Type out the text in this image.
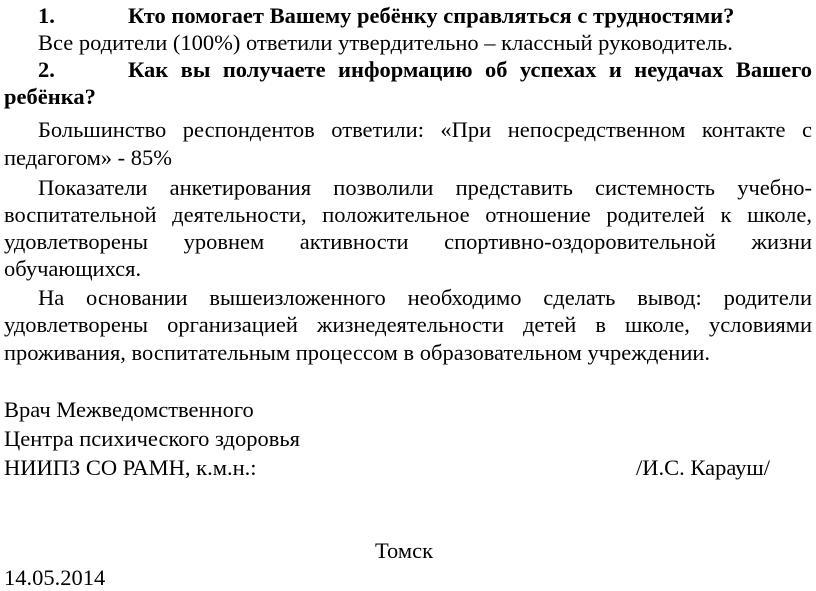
1.	Кто помогает Вашему ребёнку справляться с трудностями?
Все родители (100%) ответили утвердительно – классный руководитель.
2.	Как вы получаете информацию об успехах и неудачах Вашего
ребёнка?
Большинство респондентов ответили: «При непосредственном контакте с
педагогом» - 85%
Показатели анкетирования позволили представить системность учебно-
воспитательной деятельности, положительное отношение родителей к школе,
удовлетворены уровнем активности спортивно-оздоровительной жизни
обучающихся.
На основании вышеизложенного необходимо сделать вывод: родители
удовлетворены организацией жизнедеятельности детей в школе, условиями
проживания, воспитательным процессом в образовательном учреждении.
Врач Межведомственного
Центра психического здоровья
НИИПЗ СО РАМН, к.м.н.:	/И.С. Карауш/
Томск
14.05.2014
